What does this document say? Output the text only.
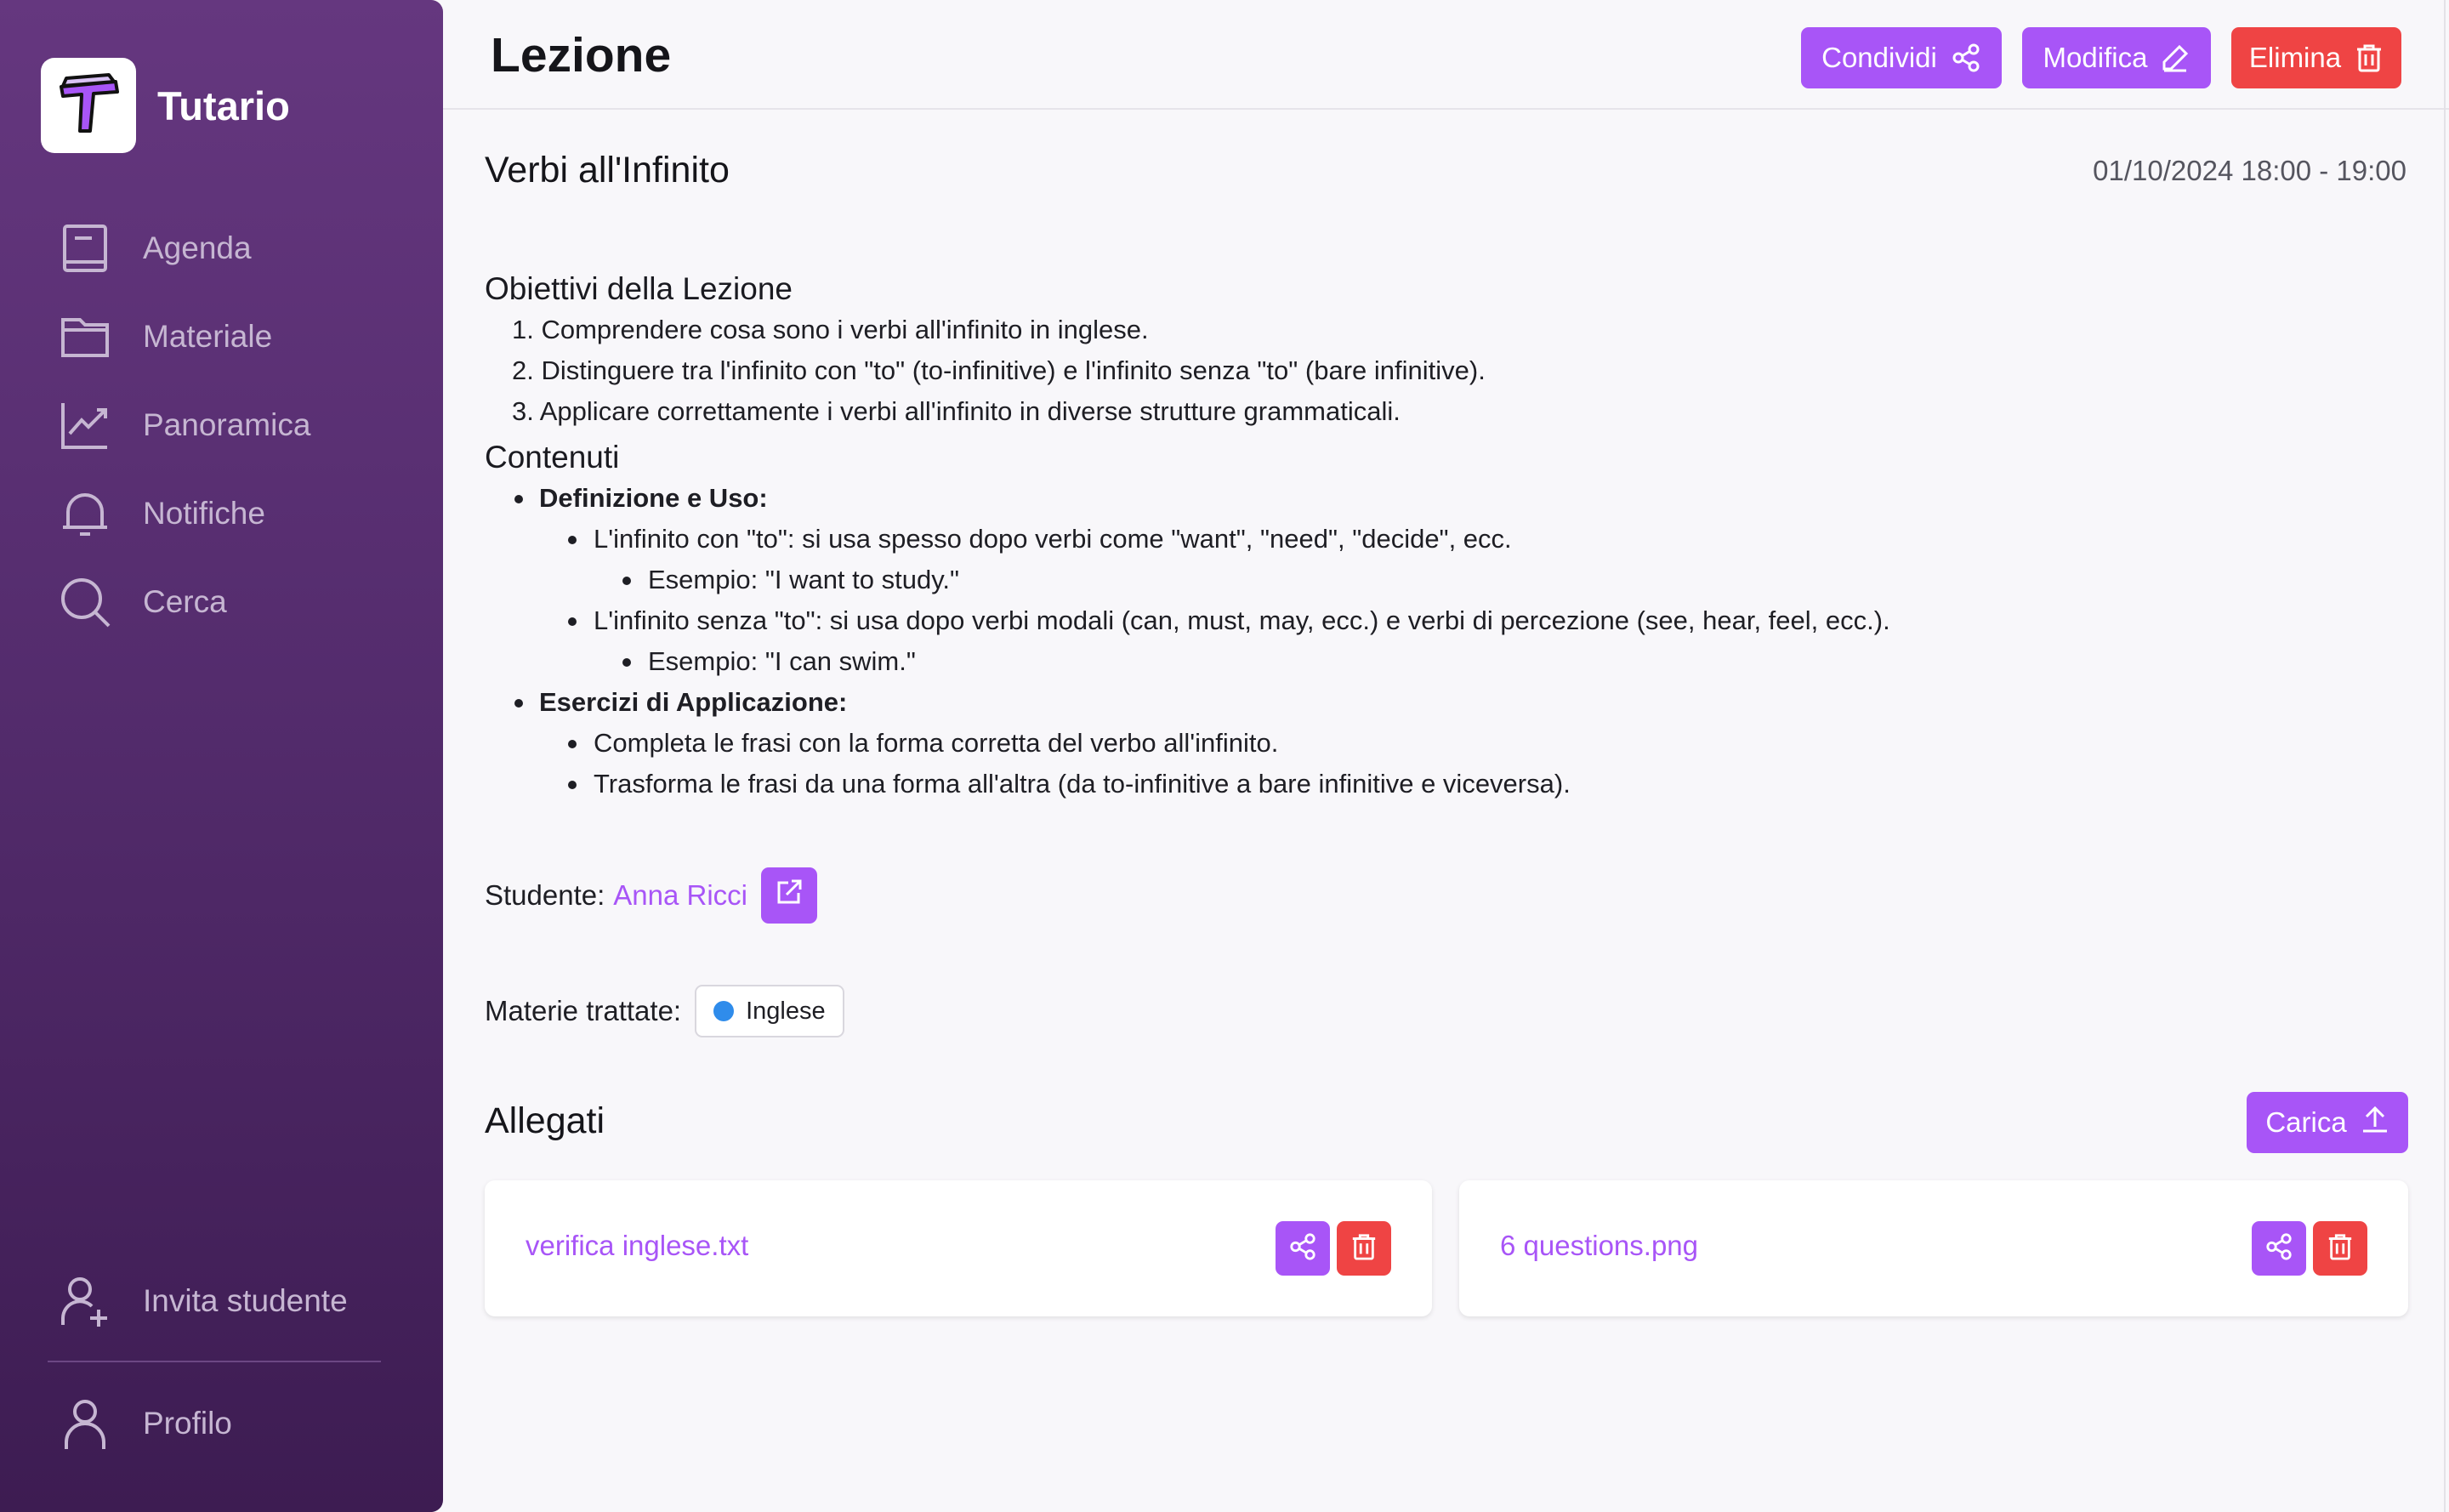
Tutario
Agenda
Materiale
Panoramica
Notifiche
Cerca
Invita studente
Profilo
Lezione	Condividi	Modifica	Elimina
Verbi all'Infinito	01/10/2024 18:00 - 19:00
Obiettivi della Lezione
1. Comprendere cosa sono i verbi all'infinito in inglese.
2. Distinguere tra l'infinito con "to" (to-infinitive) e l'infinito senza "to" (bare infinitive).
3. Applicare correttamente i verbi all'infinito in diverse strutture grammaticali.
Contenuti
Definizione e Uso:
L'infinito con "to": si usa spesso dopo verbi come "want", "need", "decide", ecc.
Esempio: "I want to study."
L'infinito senza "to": si usa dopo verbi modali (can, must, may, ecc.) e verbi di percezione (see, hear, feel, ecc.).
Esempio: "I can swim."
Esercizi di Applicazione:
Completa le frasi con la forma corretta del verbo all'infinito.
Trasforma le frasi da una forma all'altra (da to-infinitive a bare infinitive e viceversa).
Studente: Anna Ricci
Materie trattate:	Inglese
Allegati	Carica
verifica inglese.txt	6 questions.png
